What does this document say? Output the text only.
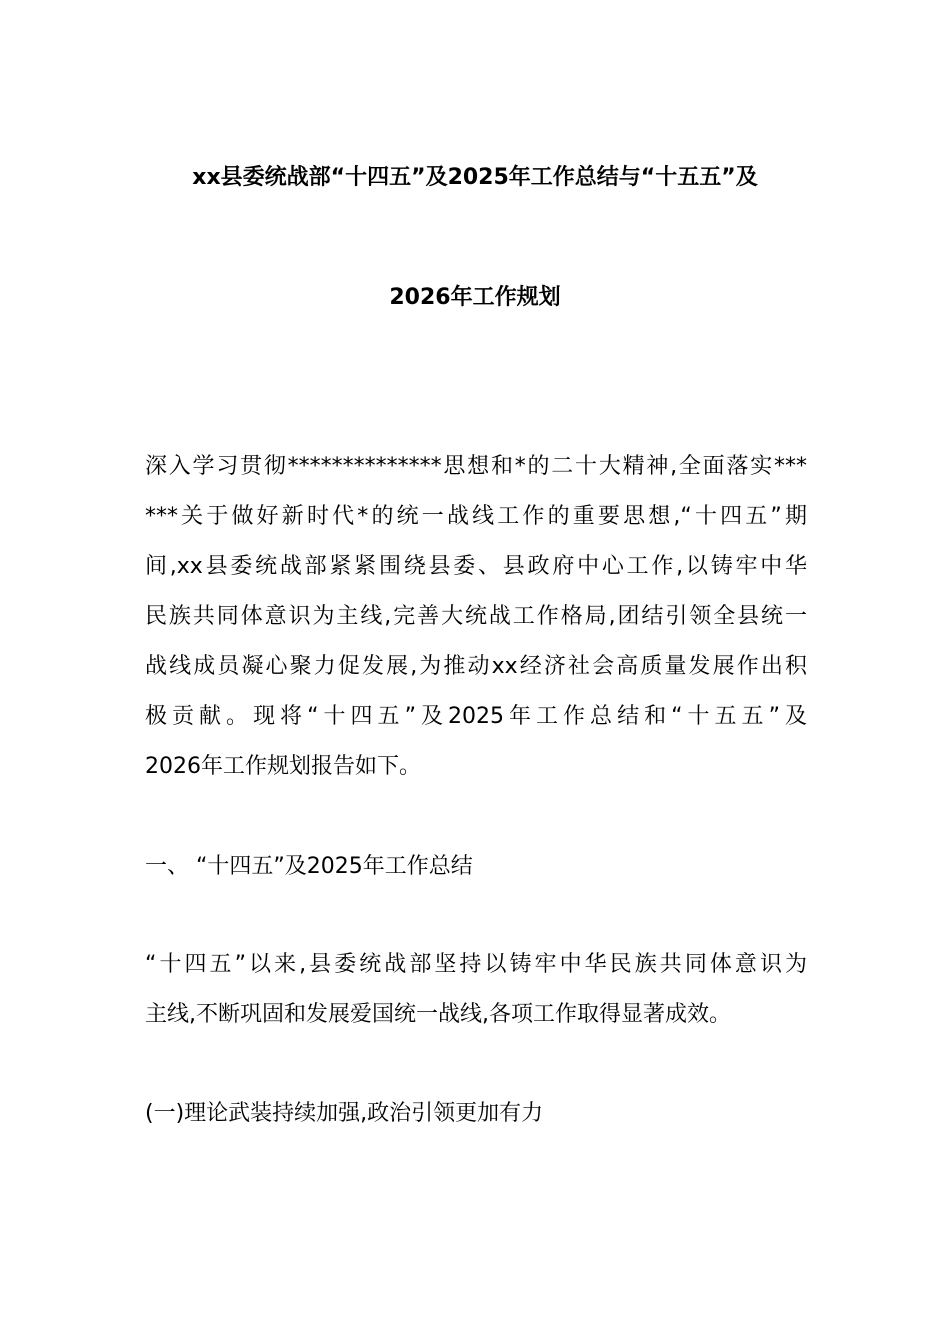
xx县委统战部“十四五”及2025年工作总结与“十五五”及
2026年工作规划
深入学习贯彻**************思想和*的二十大精神,全面落实***
***关于做好新时代*的统一战线工作的重要思想,“十四五”期
间,xx县委统战部紧紧围绕县委、县政府中心工作,以铸牢中华
民族共同体意识为主线,完善大统战工作格局,团结引领全县统一
战线成员凝心聚力促发展,为推动xx经济社会高质量发展作出积
极贡献。现将“十四五”及2025年工作总结和“十五五”及
2026年工作规划报告如下。
一、 “十四五”及2025年工作总结
“十四五”以来,县委统战部坚持以铸牢中华民族共同体意识为
主线,不断巩固和发展爱国统一战线,各项工作取得显著成效。
(一)理论武装持续加强,政治引领更加有力
